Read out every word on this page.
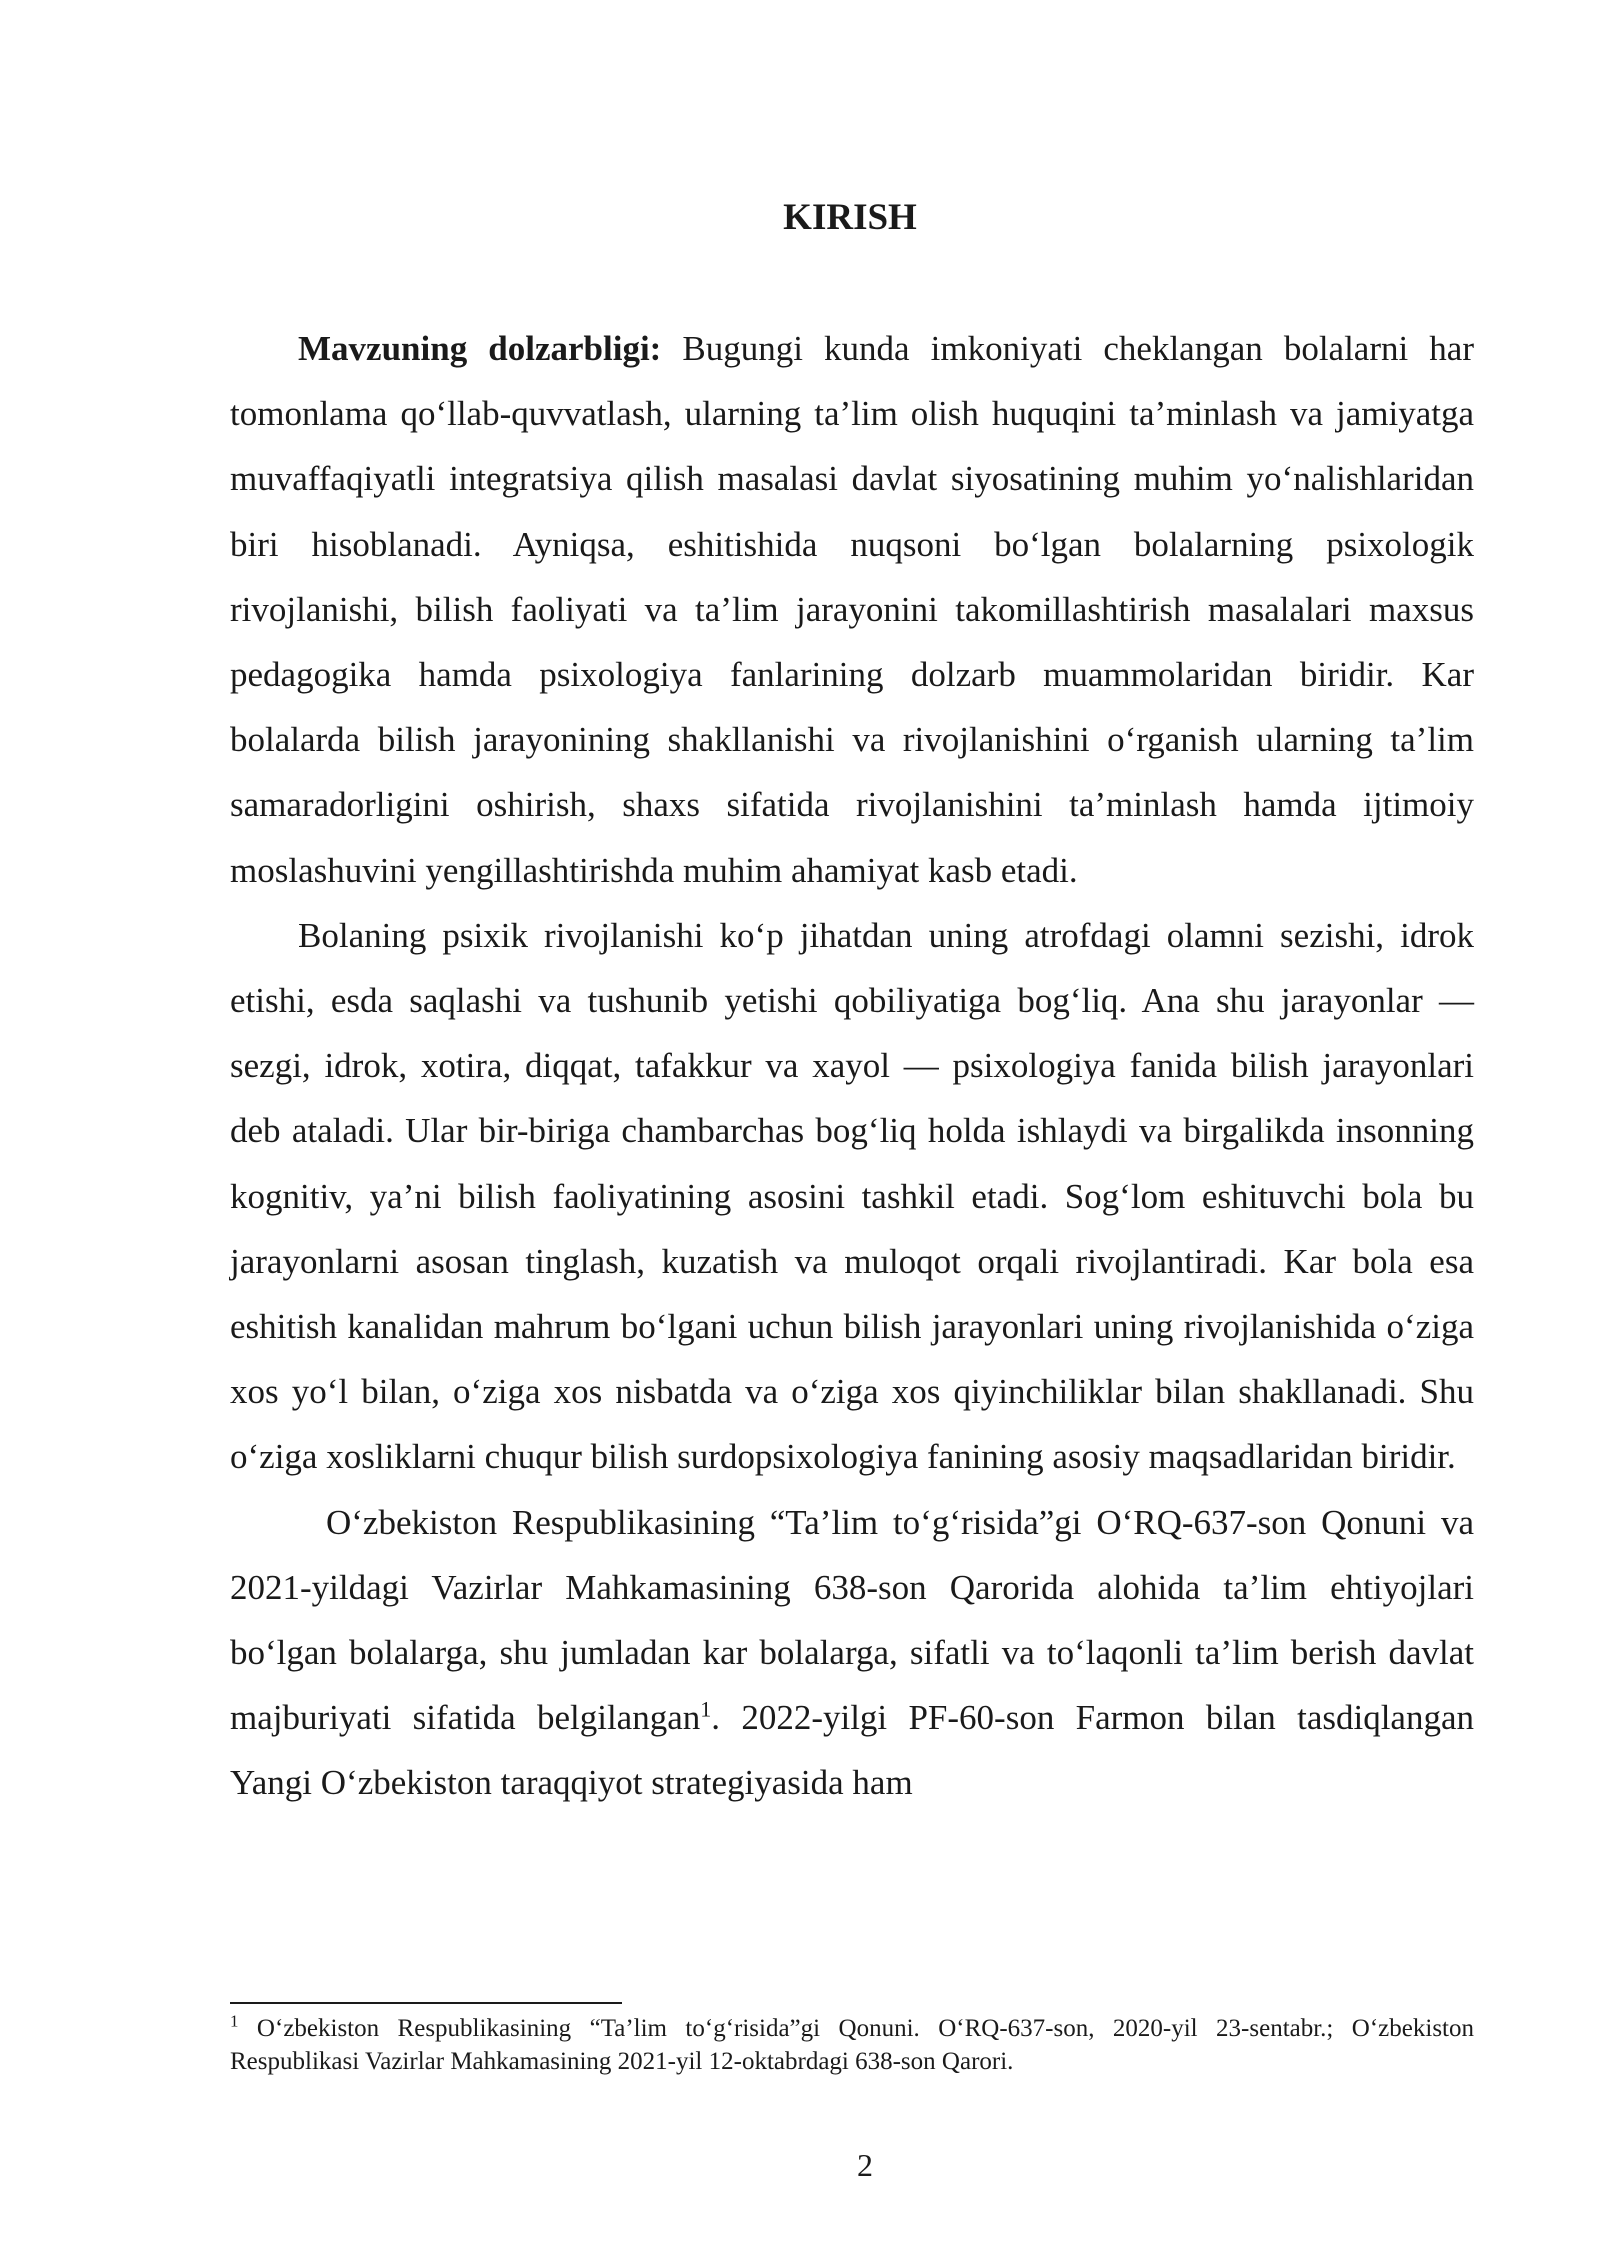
KIRISH

Mavzuning dolzarbligi: Bugungi kunda imkoniyati cheklangan bolalarni har tomonlama qo‘llab-quvvatlash, ularning ta’lim olish huquqini ta’minlash va jamiyatga muvaffaqiyatli integratsiya qilish masalasi davlat siyosatining muhim yo‘nalishlaridan biri hisoblanadi. Ayniqsa, eshitishida nuqsoni bo‘lgan bolalarning psixologik rivojlanishi, bilish faoliyati va ta’lim jarayonini takomillashtirish masalalari maxsus pedagogika hamda psixologiya fanlarining dolzarb muammolaridan biridir. Kar bolalarda bilish jarayonining shakllanishi va rivojlanishini o‘rganish ularning ta’lim samaradorligini oshirish, shaxs sifatida rivojlanishini ta’minlash hamda ijtimoiy moslashuvini yengillashtirishda muhim ahamiyat kasb etadi.

Bolaning psixik rivojlanishi ko‘p jihatdan uning atrofdagi olamni sezishi, idrok etishi, esda saqlashi va tushunib yetishi qobiliyatiga bog‘liq. Ana shu jarayonlar — sezgi, idrok, xotira, diqqat, tafakkur va xayol — psixologiya fanida bilish jarayonlari deb ataladi. Ular bir-biriga chambarchas bog‘liq holda ishlaydi va birgalikda insonning kognitiv, ya’ni bilish faoliyatining asosini tashkil etadi. Sog‘lom eshituvchi bola bu jarayonlarni asosan tinglash, kuzatish va muloqot orqali rivojlantiradi. Kar bola esa eshitish kanalidan mahrum bo‘lgani uchun bilish jarayonlari uning rivojlanishida o‘ziga xos yo‘l bilan, o‘ziga xos nisbatda va o‘ziga xos qiyinchiliklar bilan shakllanadi. Shu o‘ziga xosliklarni chuqur bilish surdopsixologiya fanining asosiy maqsadlaridan biridir.

O‘zbekiston Respublikasining “Ta’lim to‘g‘risida”gi O‘RQ-637-son Qonuni va 2021-yildagi Vazirlar Mahkamasining 638-son Qarorida alohida ta’lim ehtiyojlari bo‘lgan bolalarga, shu jumladan kar bolalarga, sifatli va to‘laqonli ta’lim berish davlat majburiyati sifatida belgilangan$^1$. 2022-yilgi PF-60-son Farmon bilan tasdiqlangan Yangi O‘zbekiston taraqqiyot strategiyasida ham

$^1$ O‘zbekiston Respublikasining “Ta’lim to‘g‘risida”gi Qonuni. O‘RQ-637-son, 2020-yil 23-sentabr.; O‘zbekiston Respublikasi Vazirlar Mahkamasining 2021-yil 12-oktabrdagi 638-son Qarori.
2
